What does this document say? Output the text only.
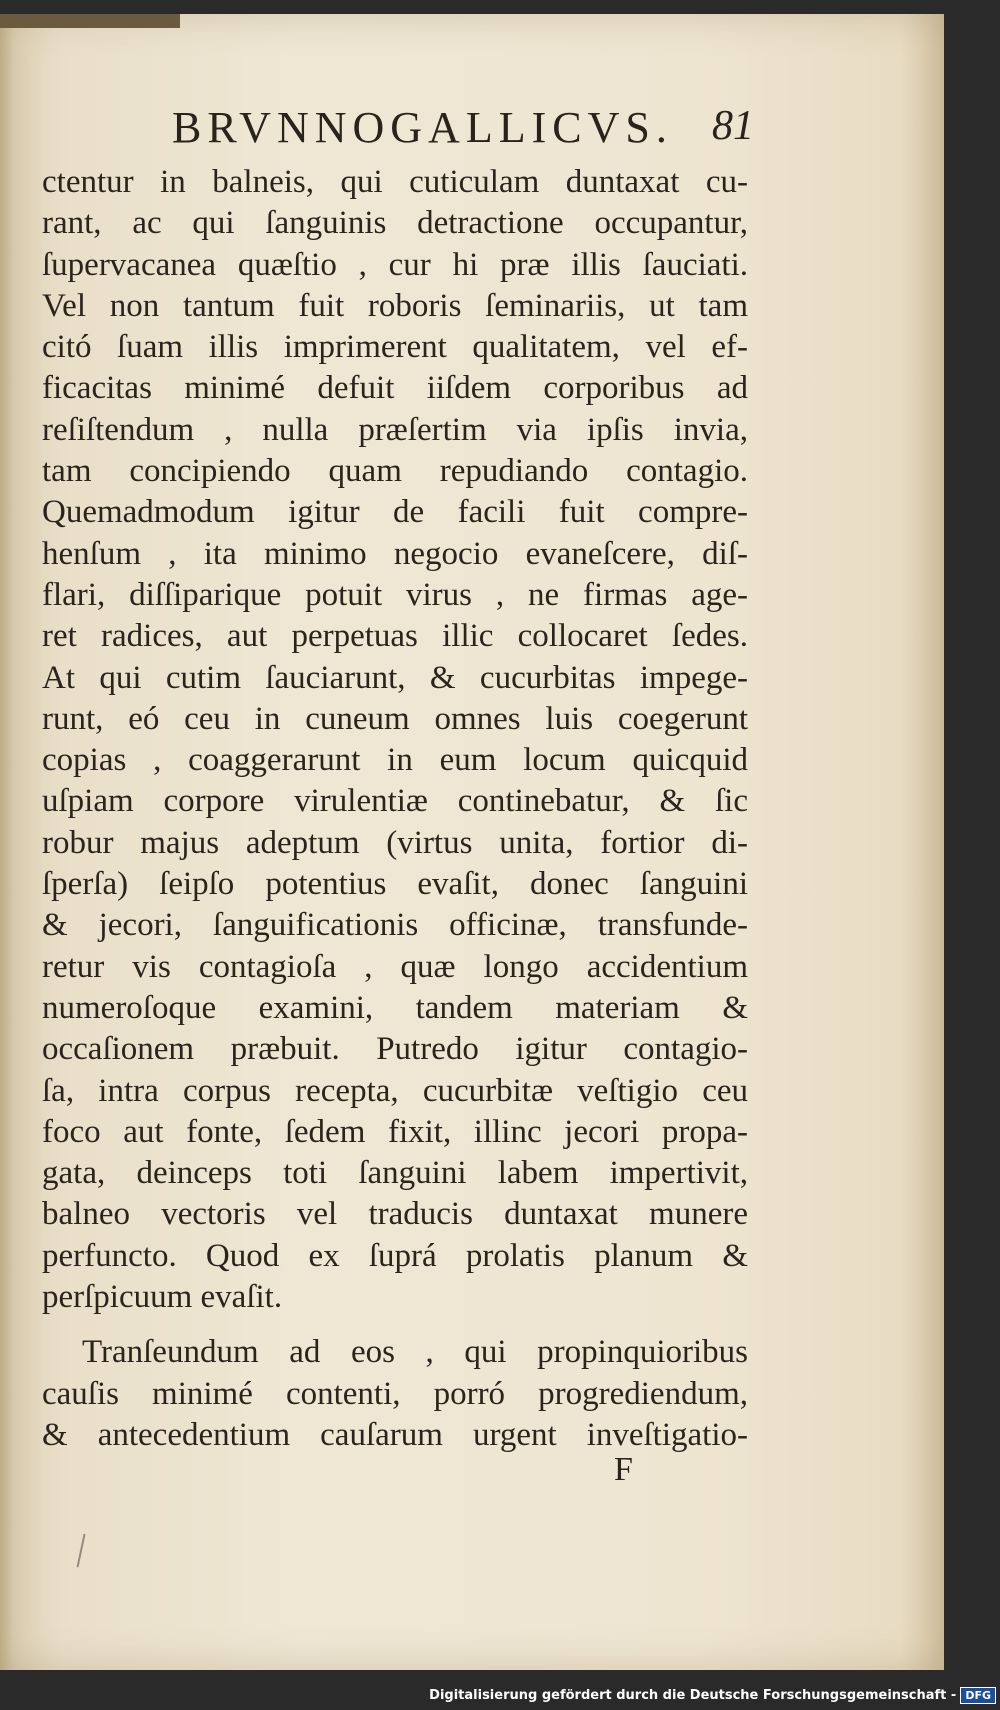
BRVNNOGALLICVS. 81
ctentur in balneis, qui cuticulam duntaxat cu-
rant, ac qui ſanguinis detractione occupantur,
ſupervacanea quæſtio , cur hi præ illis ſauciati.
Vel non tantum fuit roboris ſeminariis, ut tam
citó ſuam illis imprimerent qualitatem, vel ef-
ficacitas minimé defuit iiſdem corporibus ad
reſiſtendum , nulla præſertim via ipſis invia,
tam concipiendo quam repudiando contagio.
Quemadmodum igitur de facili fuit compre-
henſum , ita minimo negocio evaneſcere, diſ-
flari, diſſiparique potuit virus , ne firmas age-
ret radices, aut perpetuas illic collocaret ſedes.
At qui cutim ſauciarunt, & cucurbitas impege-
runt, eó ceu in cuneum omnes luis coegerunt
copias , coaggerarunt in eum locum quicquid
uſpiam corpore virulentiæ continebatur, & ſic
robur majus adeptum (virtus unita, fortior di-
ſperſa) ſeipſo potentius evaſit, donec ſanguini
& jecori, ſanguificationis officinæ, transfunde-
retur vis contagioſa , quæ longo accidentium
numeroſoque examini, tandem materiam &
occaſionem præbuit. Putredo igitur contagio-
ſa, intra corpus recepta, cucurbitæ veſtigio ceu
foco aut fonte, ſedem fixit, illinc jecori propa-
gata, deinceps toti ſanguini labem impertivit,
balneo vectoris vel traducis duntaxat munere
perfuncto. Quod ex ſuprá prolatis planum &
perſpicuum evaſit.
Tranſeundum ad eos , qui propinquioribus
cauſis minimé contenti, porró progrediendum,
& antecedentium cauſarum urgent inveſtigatio-
F
Digitalisierung gefördert durch die Deutsche Forschungsgemeinschaft - DFG
